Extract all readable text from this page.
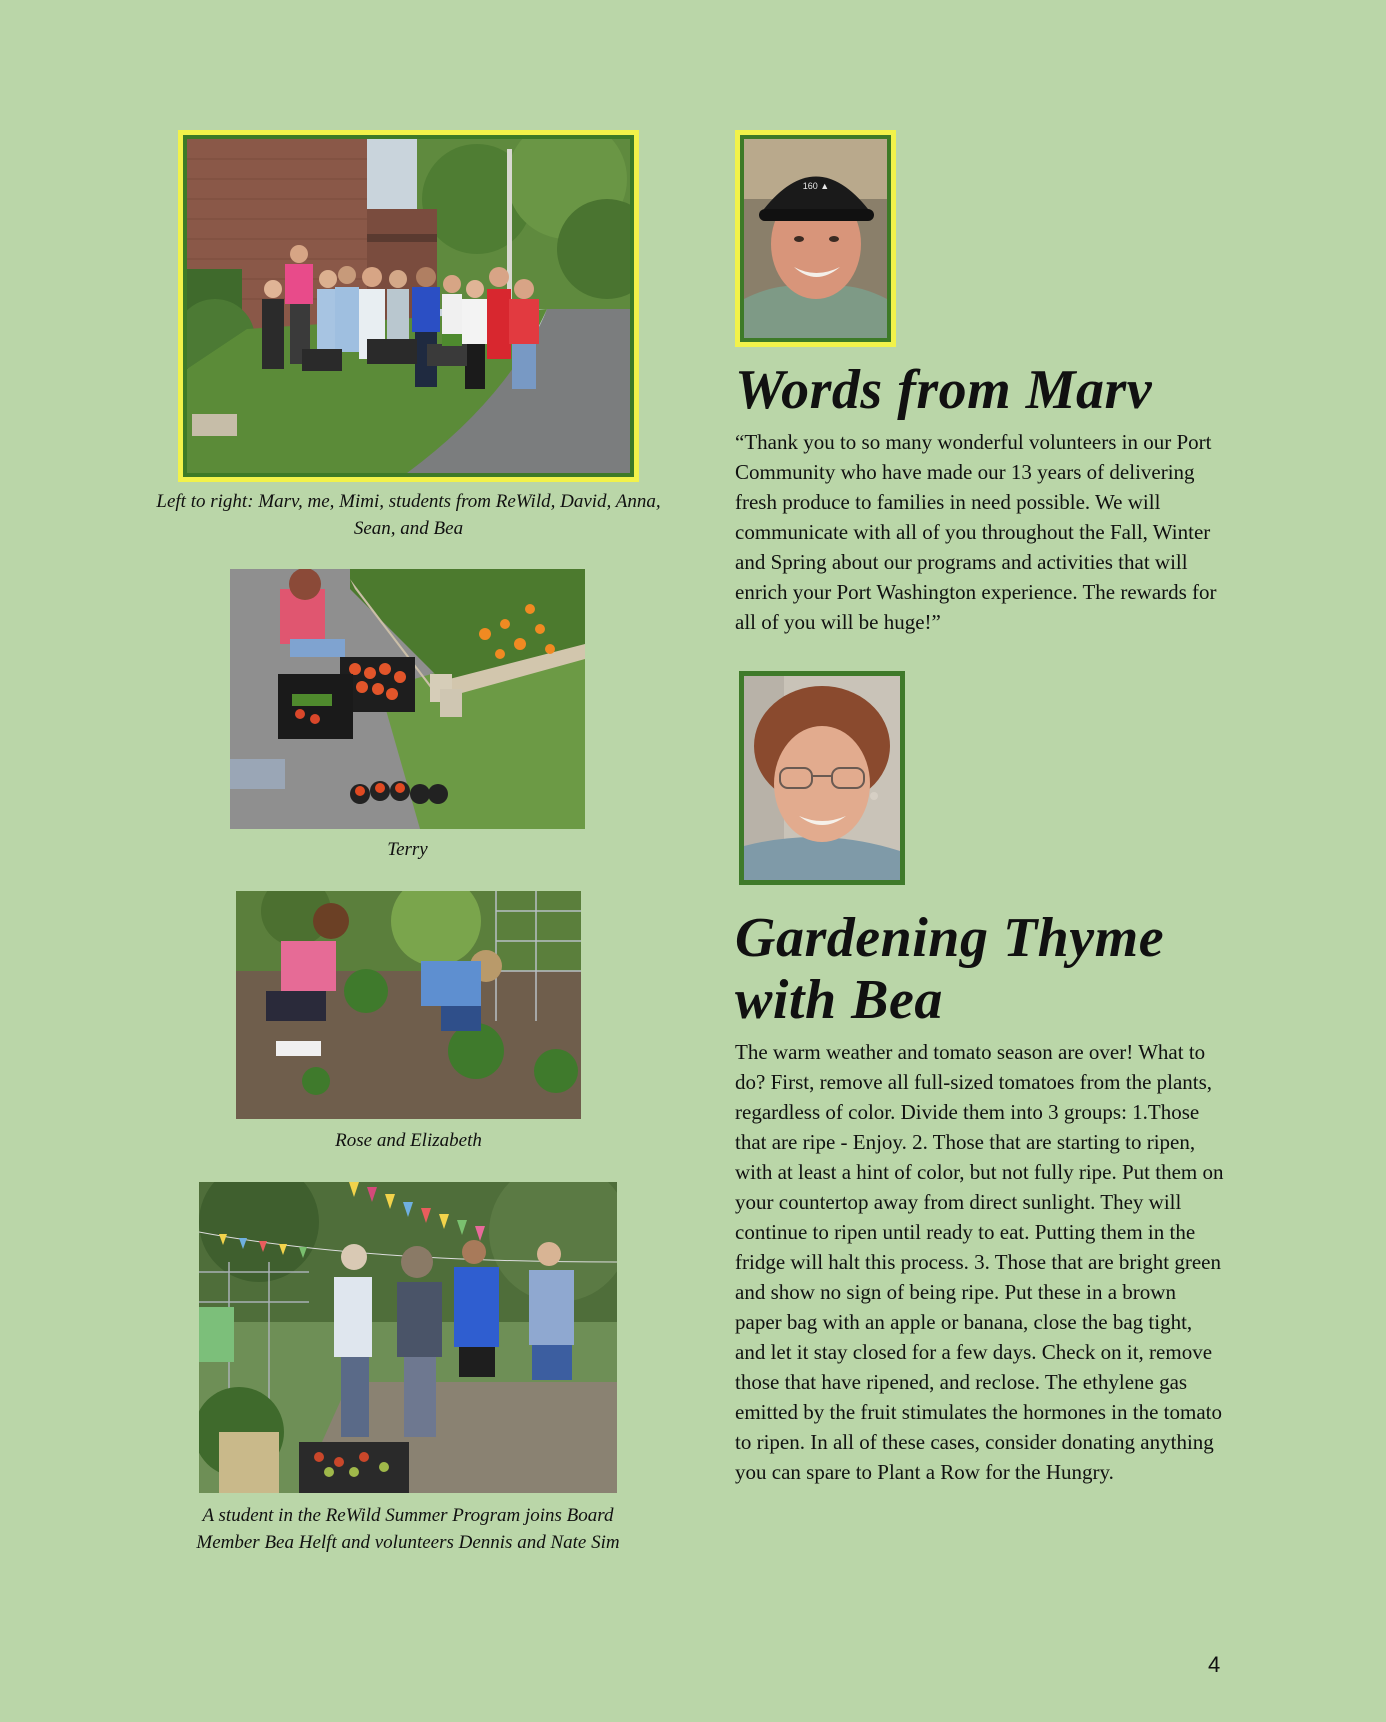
Left to right: Marv, me, Mimi, students from ReWild, David, Anna, Sean, and Bea
Terry
Rose and Elizabeth
A student in the ReWild Summer Program joins Board Member Bea Helft and volunteers Dennis and Nate Sim
160 ▲
Words from Marv

“Thank you to so many wonderful volunteers in our Port Community who have made our 13 years of delivering fresh produce to families in need possible. We will communicate with all of you throughout the Fall, Winter and Spring about our programs and activities that will enrich your Port Washington experience. The rewards for all of you will be huge!”

Gardening Thyme
with Bea

The warm weather and tomato season are over! What to do? First, remove all full-sized tomatoes from the plants, regardless of color. Divide them into 3 groups: 1.Those that are ripe - Enjoy. 2. Those that are starting to ripen, with at least a hint of color, but not fully ripe. Put them on your countertop away from direct sunlight. They will continue to ripen until ready to eat. Putting them in the fridge will halt this process. 3. Those that are bright green and show no sign of being ripe. Put these in a brown paper bag with an apple or banana, close the bag tight, and let it stay closed for a few days. Check on it, remove those that have ripened, and reclose. The ethylene gas emitted by the fruit stimulates the hormones in the tomato to ripen. In all of these cases, consider donating anything you can spare to Plant a Row for the Hungry.

4
